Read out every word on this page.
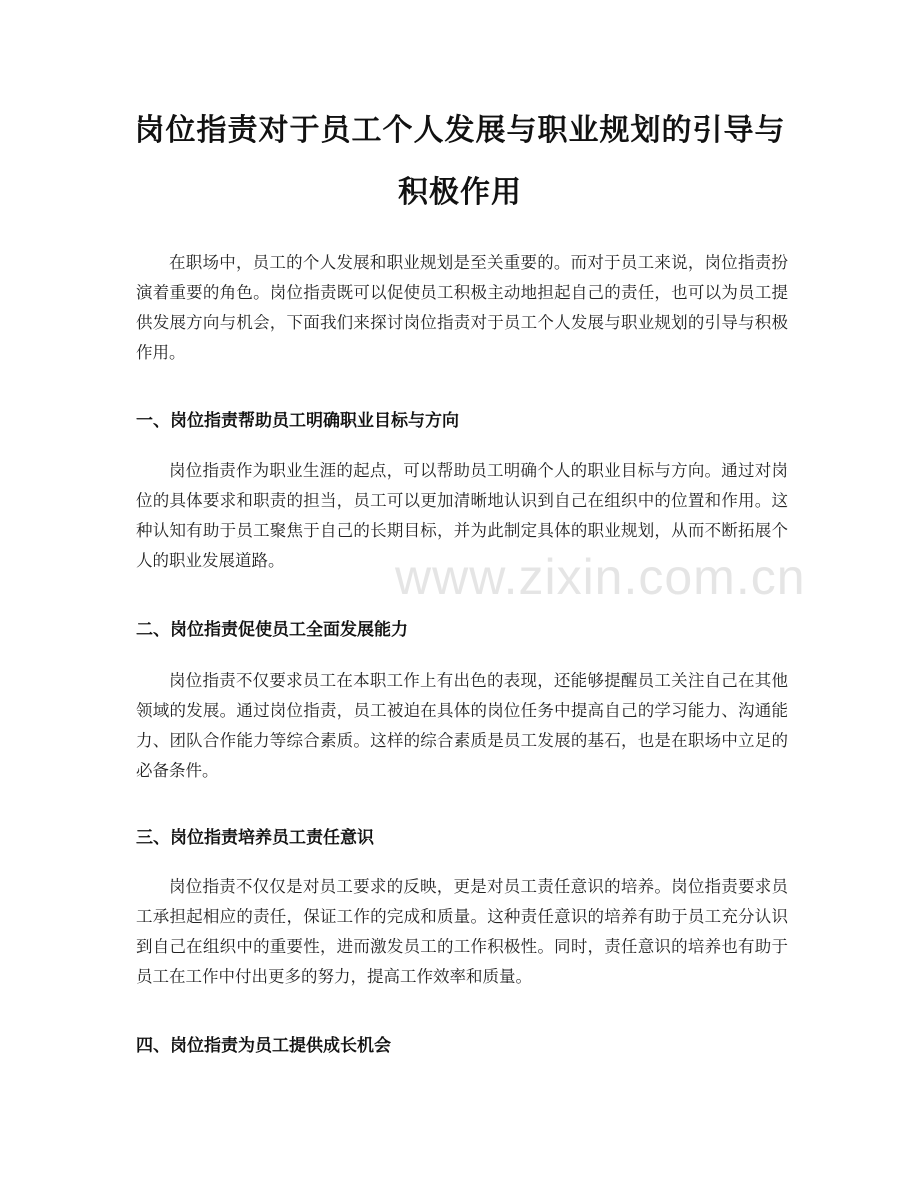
岗位指责对于员工个人发展与职业规划的引导与积极作用

在职场中，员工的个人发展和职业规划是至关重要的。而对于员工来说，岗位指责扮演着重要的角色。岗位指责既可以促使员工积极主动地担起自己的责任，也可以为员工提供发展方向与机会，下面我们来探讨岗位指责对于员工个人发展与职业规划的引导与积极作用。

一、岗位指责帮助员工明确职业目标与方向

岗位指责作为职业生涯的起点，可以帮助员工明确个人的职业目标与方向。通过对岗位的具体要求和职责的担当，员工可以更加清晰地认识到自己在组织中的位置和作用。这种认知有助于员工聚焦于自己的长期目标，并为此制定具体的职业规划，从而不断拓展个人的职业发展道路。

二、岗位指责促使员工全面发展能力

岗位指责不仅要求员工在本职工作上有出色的表现，还能够提醒员工关注自己在其他领域的发展。通过岗位指责，员工被迫在具体的岗位任务中提高自己的学习能力、沟通能力、团队合作能力等综合素质。这样的综合素质是员工发展的基石，也是在职场中立足的必备条件。

三、岗位指责培养员工责任意识

岗位指责不仅仅是对员工要求的反映，更是对员工责任意识的培养。岗位指责要求员工承担起相应的责任，保证工作的完成和质量。这种责任意识的培养有助于员工充分认识到自己在组织中的重要性，进而激发员工的工作积极性。同时，责任意识的培养也有助于员工在工作中付出更多的努力，提高工作效率和质量。

四、岗位指责为员工提供成长机会
www.zixin.com.cn
